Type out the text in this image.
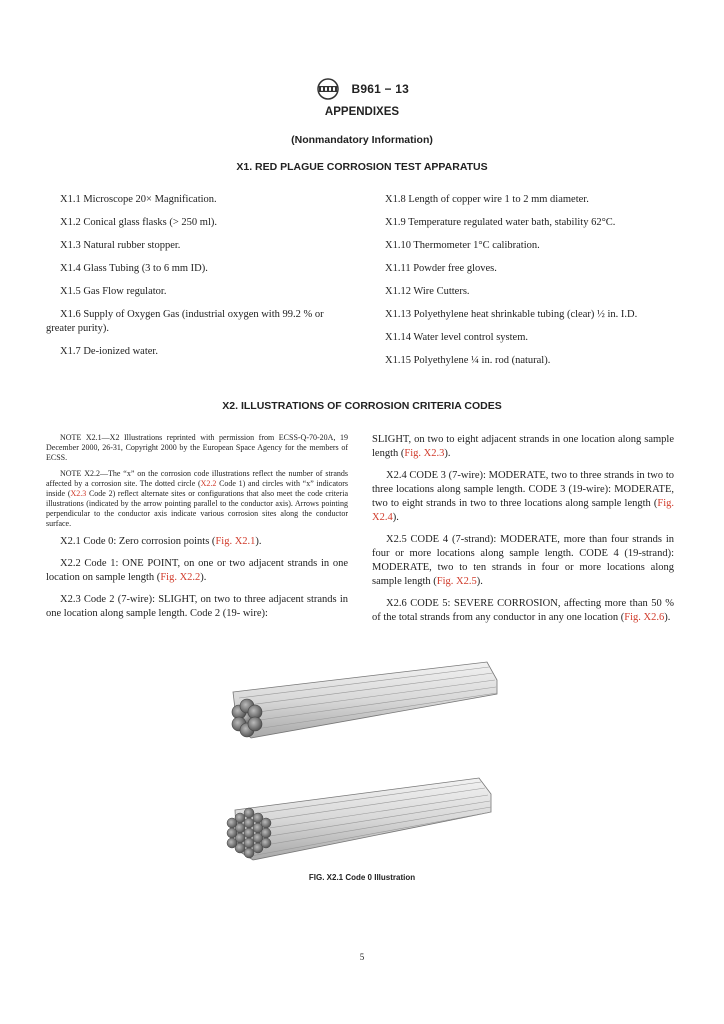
B961 − 13
APPENDIXES
(Nonmandatory Information)
X1. RED PLAGUE CORROSION TEST APPARATUS

X1.1 Microscope 20× Magnification.

X1.2 Conical glass flasks (> 250 ml).

X1.3 Natural rubber stopper.

X1.4 Glass Tubing (3 to 6 mm ID).

X1.5 Gas Flow regulator.

X1.6 Supply of Oxygen Gas (industrial oxygen with 99.2 % or greater purity).

X1.7 De-ionized water.

X1.8 Length of copper wire 1 to 2 mm diameter.

X1.9 Temperature regulated water bath, stability 62°C.

X1.10 Thermometer 1°C calibration.

X1.11 Powder free gloves.

X1.12 Wire Cutters.

X1.13 Polyethylene heat shrinkable tubing (clear) ½ in. I.D.

X1.14 Water level control system.

X1.15 Polyethylene ¼ in. rod (natural).

X2. ILLUSTRATIONS OF CORROSION CRITERIA CODES

NOTE X2.1—X2 Illustrations reprinted with permission from ECSS-Q-70-20A, 19 December 2000, 26-31, Copyright 2000 by the European Space Agency for the members of ECSS.

NOTE X2.2—The “x” on the corrosion code illustrations reflect the number of strands affected by a corrosion site. The dotted circle (X2.2 Code 1) and circles with “x” indicators inside (X2.3 Code 2) reflect alternate sites or configurations that also meet the code criteria illustrations (indicated by the arrow pointing parallel to the conductor axis). Arrows pointing perpendicular to the conductor axis indicate various corrosion sites along the conductor surface.

X2.1 Code 0: Zero corrosion points (Fig. X2.1).

X2.2 Code 1: ONE POINT, on one or two adjacent strands in one location on sample length (Fig. X2.2).

X2.3 Code 2 (7-wire): SLIGHT, on two to three adjacent strands in one location along sample length. Code 2 (19- wire):

SLIGHT, on two to eight adjacent strands in one location along sample length (Fig. X2.3).

X2.4 CODE 3 (7-wire): MODERATE, two to three strands in two to three locations along sample length. CODE 3 (19-wire): MODERATE, two to eight strands in two to three locations along sample length (Fig. X2.4).

X2.5 CODE 4 (7-strand): MODERATE, more than four strands in four or more locations along sample length. CODE 4 (19-strand): MODERATE, two to ten strands in four or more locations along sample length (Fig. X2.5).

X2.6 CODE 5: SEVERE CORROSION, affecting more than 50 % of the total strands from any conductor in any one location (Fig. X2.6).

FIG. X2.1 Code 0 Illustration
5
